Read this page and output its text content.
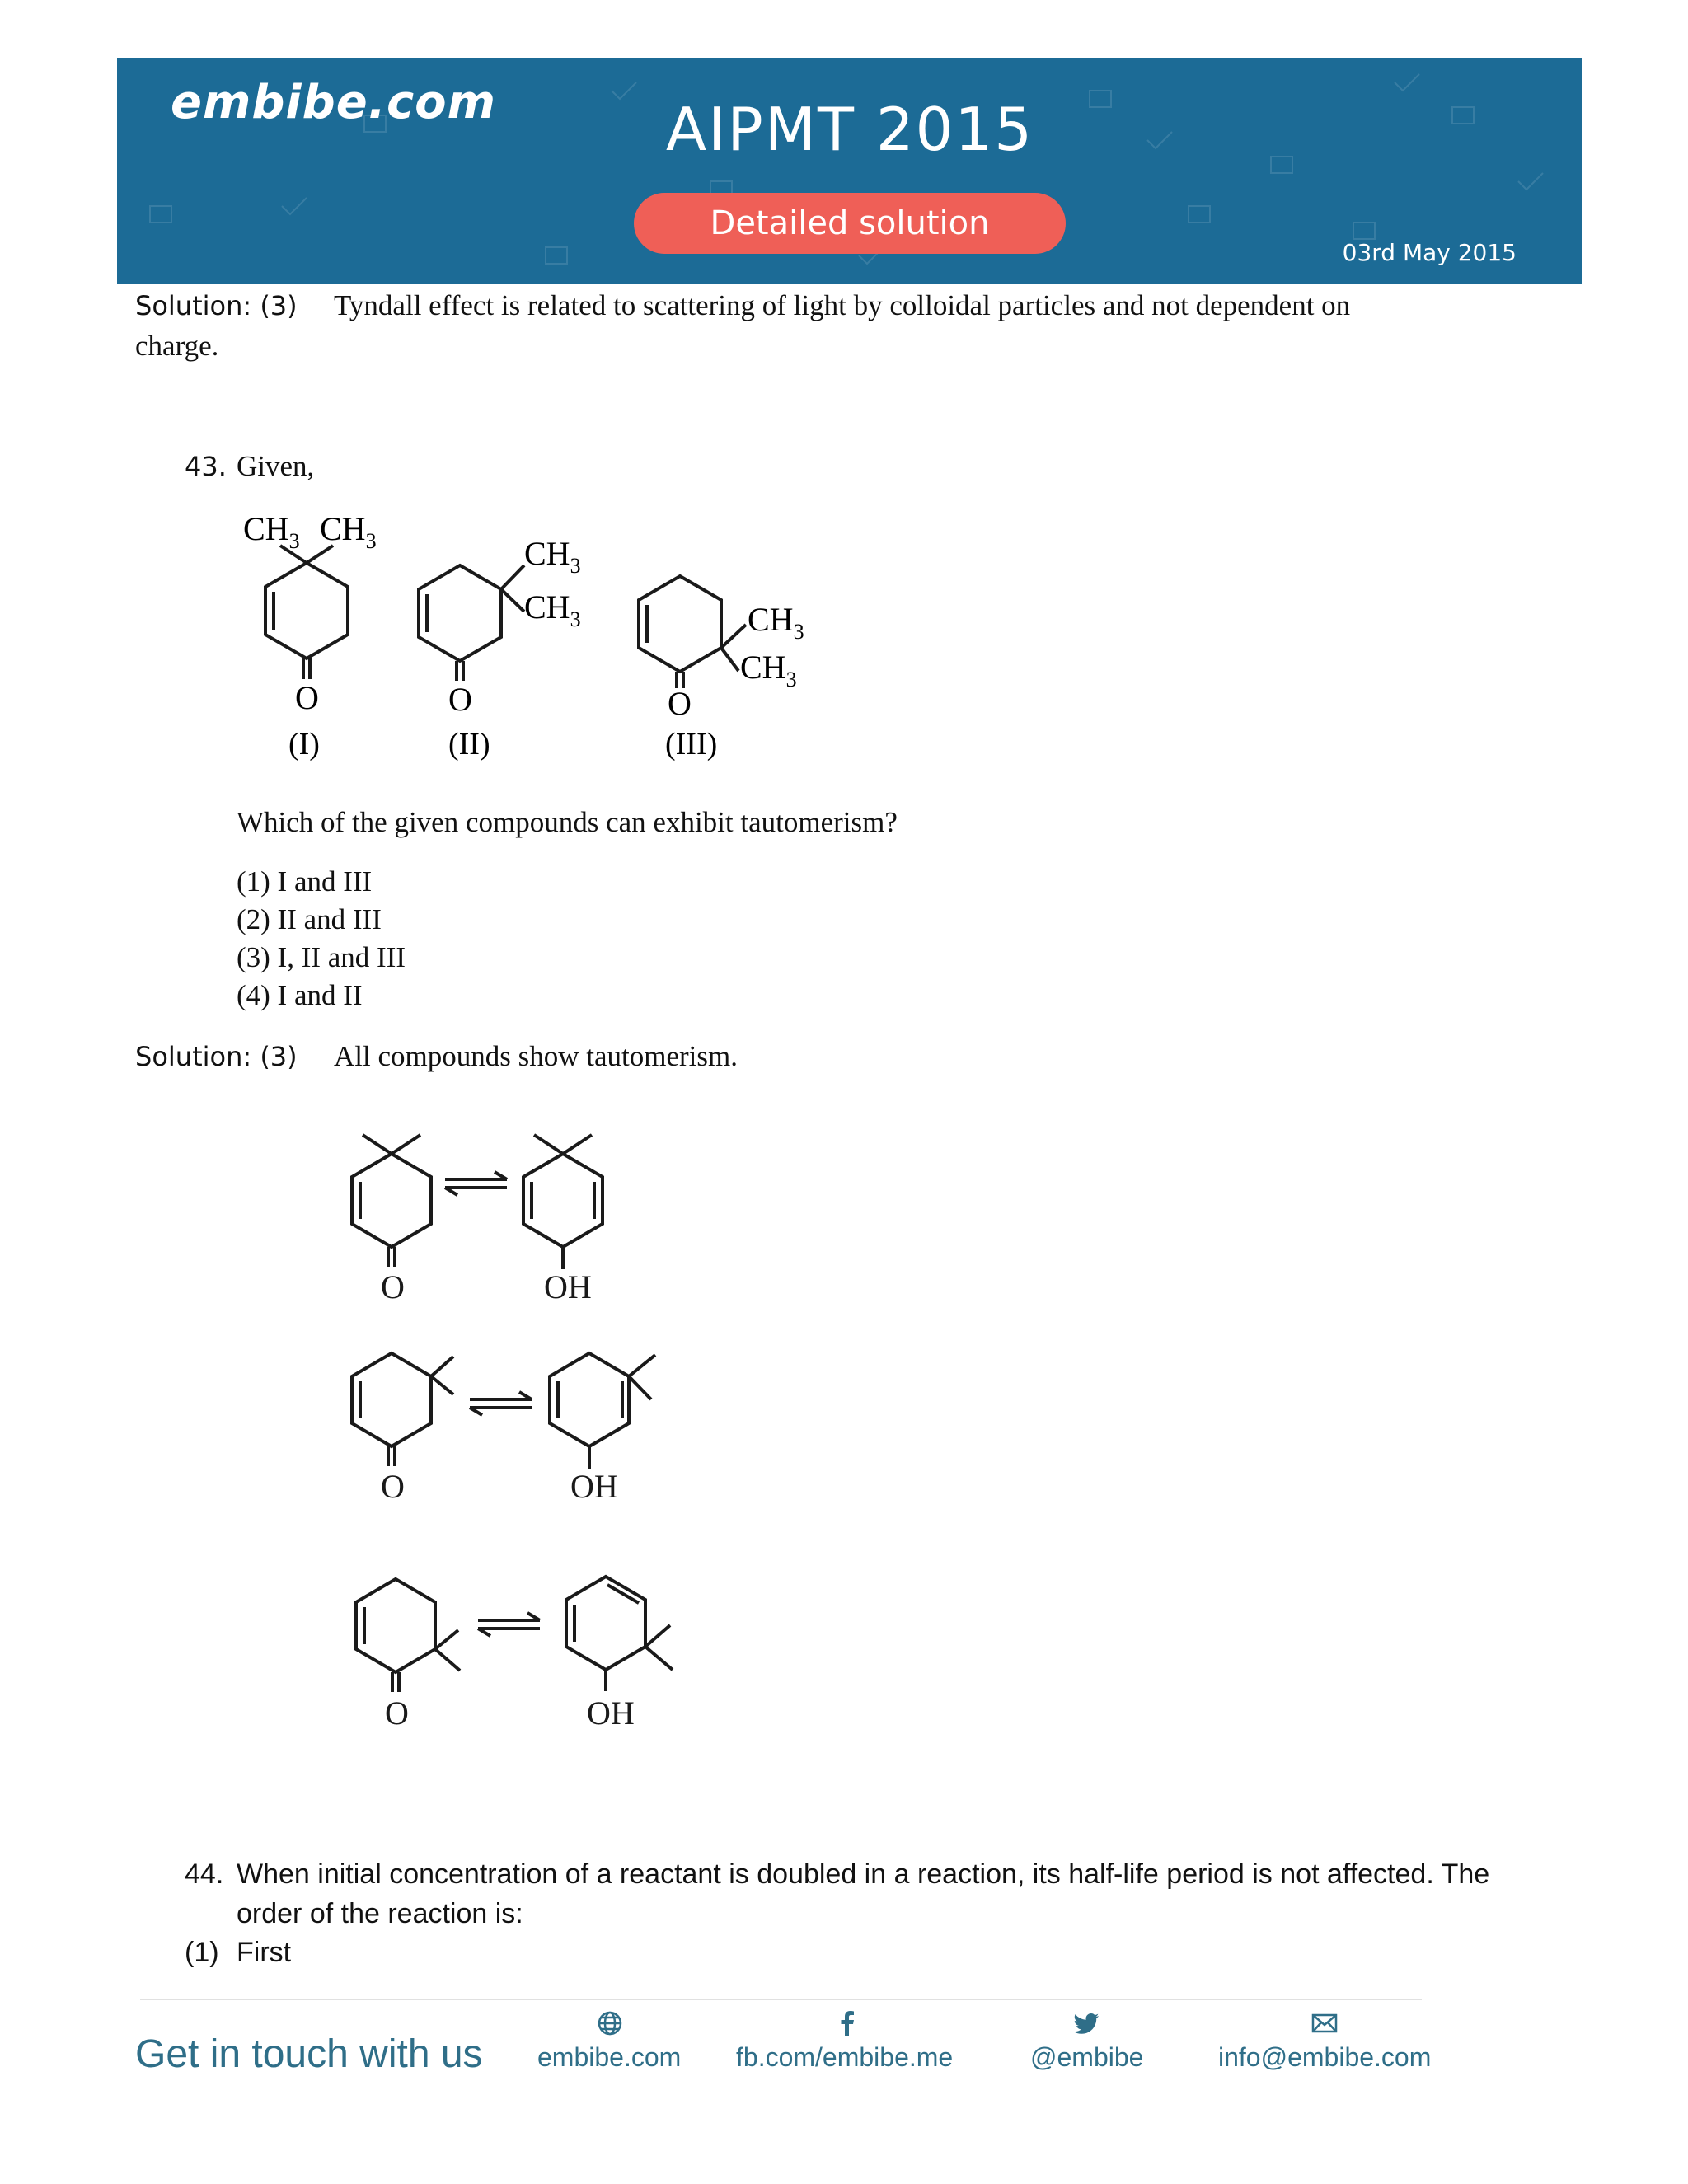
embibe.com	AIPMT 2015
Detailed solution
03rd May 2015
Solution: (3) Tyndall effect is related to scattering of light by colloidal particles and not dependent on
charge.
43. Given,
$CH_3$ $CH_3$
O
(I)
$CH_3$
$CH_3$
O
(II)
$CH_3$
$CH_3$
O
(III)
Which of the given compounds can exhibit tautomerism?
(1) I and III
(2) II and III
(3) I, II and III
(4) I and II
Solution: (3) All compounds show tautomerism.
O	OH
O	OH
O	OH
44. When initial concentration of a reactant is doubled in a reaction, its half-life period is not affected. The
order of the reaction is:
(1) First
Get in touch with us embibe.com fb.com/embibe.me	@embibe	info@embibe.com
